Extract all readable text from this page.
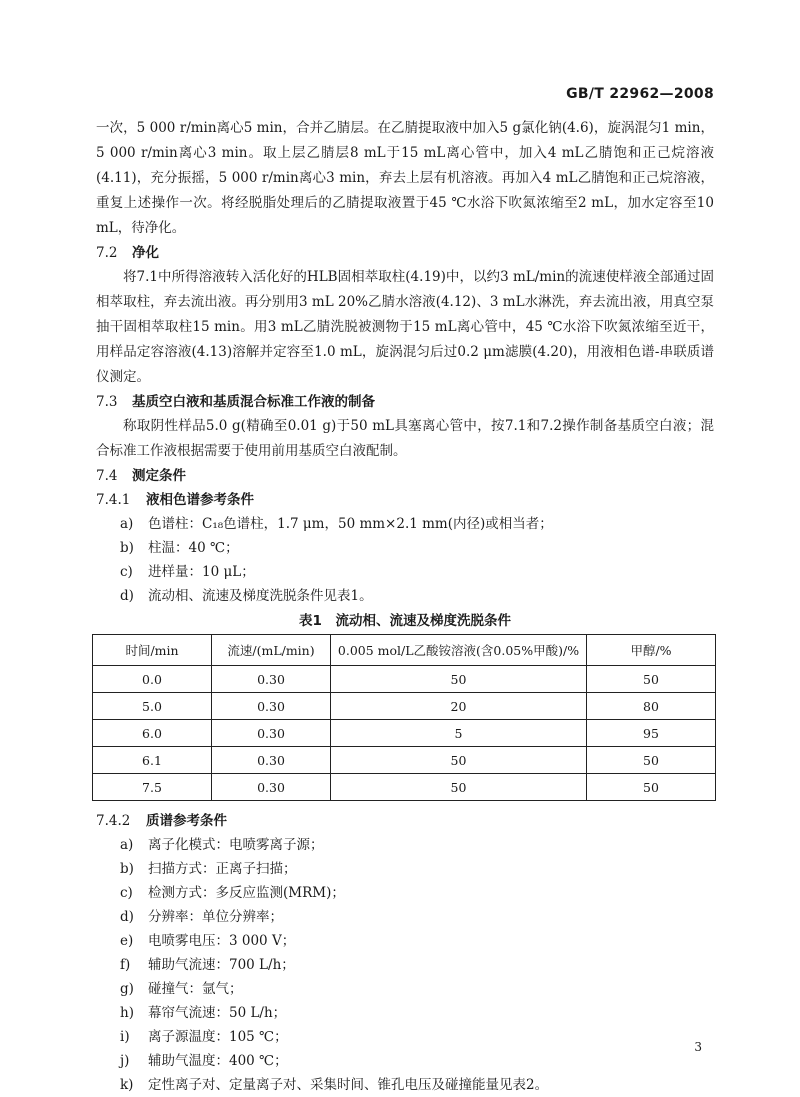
GB/T 22962—2008

一次，5 000 r/min离心5 min，合并乙腈层。在乙腈提取液中加入5 g氯化钠(4.6)，旋涡混匀1 min，5 000 r/min离心3 min。取上层乙腈层8 mL于15 mL离心管中，加入4 mL乙腈饱和正己烷溶液(4.11)，充分振摇，5 000 r/min离心3 min，弃去上层有机溶液。再加入4 mL乙腈饱和正己烷溶液，重复上述操作一次。将经脱脂处理后的乙腈提取液置于45 ℃水浴下吹氮浓缩至2 mL，加水定容至10 mL，待净化。

7.2 净化

将7.1中所得溶液转入活化好的HLB固相萃取柱(4.19)中，以约3 mL/min的流速使样液全部通过固相萃取柱，弃去流出液。再分别用3 mL 20%乙腈水溶液(4.12)、3 mL水淋洗，弃去流出液，用真空泵抽干固相萃取柱15 min。用3 mL乙腈洗脱被测物于15 mL离心管中，45 ℃水浴下吹氮浓缩至近干，用样品定容溶液(4.13)溶解并定容至1.0 mL，旋涡混匀后过0.2 μm滤膜(4.20)，用液相色谱-串联质谱仪测定。

7.3 基质空白液和基质混合标准工作液的制备

称取阴性样品5.0 g(精确至0.01 g)于50 mL具塞离心管中，按7.1和7.2操作制备基质空白液；混合标准工作液根据需要于使用前用基质空白液配制。

7.4 测定条件
7.4.1 液相色谱参考条件
a)	色谱柱：C₁₈色谱柱，1.7 μm，50 mm×2.1 mm(内径)或相当者；
b)	柱温：40 ℃；
c)	进样量：10 μL；
d)	流动相、流速及梯度洗脱条件见表1。
表1　流动相、流速及梯度洗脱条件
时间/min	流速/(mL/min)	0.005 mol/L乙酸铵溶液(含0.05%甲酸)/%	甲醇/%
0.0	0.30	50	50
5.0	0.30	20	80
6.0	0.30	5	95
6.1	0.30	50	50
7.5	0.30	50	50
7.4.2 质谱参考条件
a)	离子化模式：电喷雾离子源；
b)	扫描方式：正离子扫描；
c)	检测方式：多反应监测(MRM)；
d)	分辨率：单位分辨率；
e)	电喷雾电压：3 000 V；
f)	辅助气流速：700 L/h；
g)	碰撞气：氩气；
h)	幕帘气流速：50 L/h；
i)	离子源温度：105 ℃；
j)	辅助气温度：400 ℃；
k)	定性离子对、定量离子对、采集时间、锥孔电压及碰撞能量见表2。
3
